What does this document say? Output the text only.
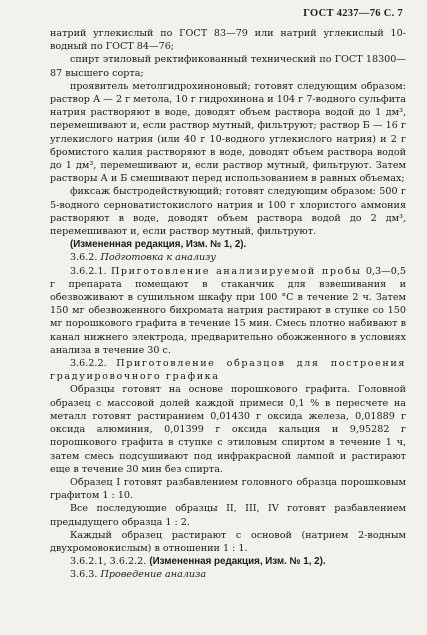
ГОСТ 4237—76 С. 7

натрий углекислый по ГОСТ 83—79 или натрий углекислый 10-водный по ГОСТ 84—76;

спирт этиловый ректификованный технический по ГОСТ 18300—87 высшего сорта;

проявитель метолгидрохиноновый; готовят следующим образом: раствор А — 2 г метола, 10 г гидрохинона и 104 г 7-водного сульфита натрия растворяют в воде, доводят объем раствора водой до 1 дм³, перемешивают и, если раствор мутный, фильтруют; раствор Б — 16 г углекислого натрия (или 40 г 10-водного углекислого натрия) и 2 г бромистого калия растворяют в воде, доводят объем раствора водой до 1 дм³, перемешивают и, если раствор мутный, фильтруют. Затем растворы А и Б смешивают перед использованием в равных объемах;

фиксаж быстродействующий; готовят следующим образом: 500 г 5-водного серноватистокислого натрия и 100 г хлористого аммония растворяют в воде, доводят объем раствора водой до 2 дм³, перемешивают и, если раствор мутный, фильтруют.

(Измененная редакция, Изм. № 1, 2).

3.6.2. Подготовка к анализу

3.6.2.1. Приготовление анализируемой пробы 0,3—0,5 г препарата помещают в стаканчик для взвешивания и обезвоживают в сушильном шкафу при 100 °С в течение 2 ч. Затем 150 мг обезвоженного бихромата натрия растирают в ступке со 150 мг порошкового графита в течение 15 мин. Смесь плотно набивают в канал нижнего электрода, предварительно обожженного в условиях анализа в течение 30 с.

3.6.2.2. Приготовление образцов для построения градуировочного графика

Образцы готовят на основе порошкового графита. Головной образец с массовой долей каждой примеси 0,1 % в пересчете на металл готовят растиранием 0,01430 г оксида железа, 0,01889 г оксида алюминия, 0,01399 г оксида кальция и 9,95282 г порошкового графита в ступке с этиловым спиртом в течение 1 ч, затем смесь подсушивают под инфракрасной лампой и растирают еще в течение 30 мин без спирта.

Образец I готовят разбавлением головного образца порошковым графитом 1 : 10.

Все последующие образцы II, III, IV готовят разбавлением предыдущего образца 1 : 2.

Каждый образец растирают с основой (натрием 2-водным двухромовокислым) в отношении 1 : 1.

3.6.2.1, 3.6.2.2. (Измененная редакция, Изм. № 1, 2).

3.6.3. Проведение анализа
